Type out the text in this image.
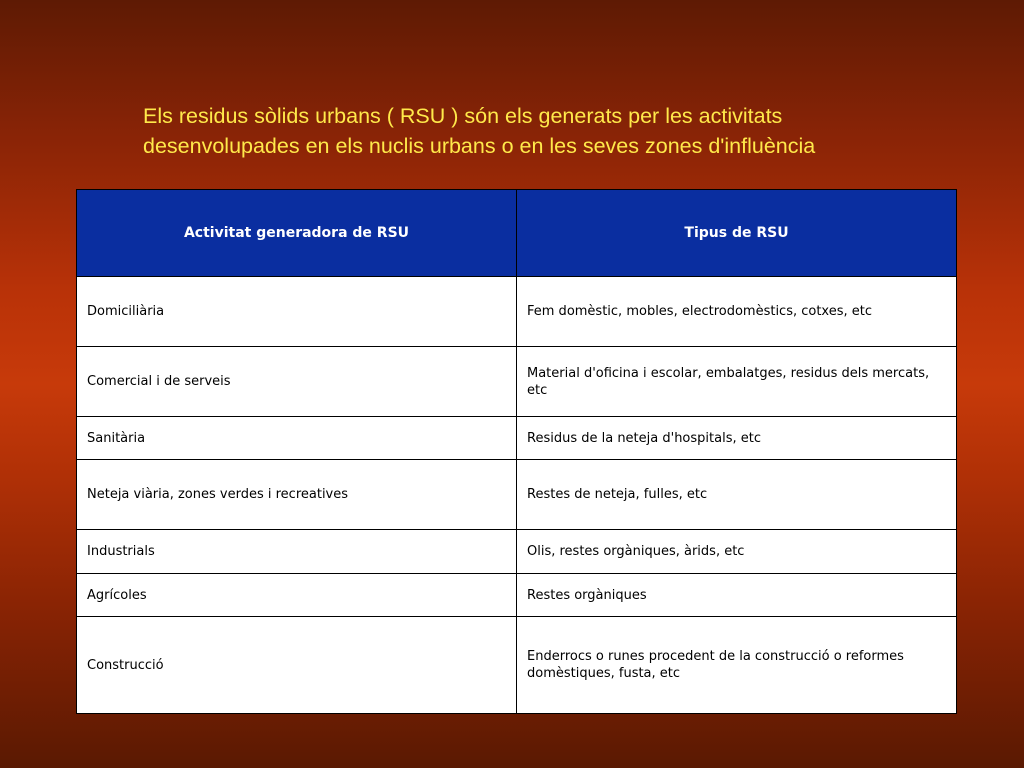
Els residus sòlids urbans ( RSU ) són els generats per les activitats
desenvolupades en els nuclis urbans o en les seves zones d'influència
Activitat generadora de RSU	Tipus de RSU
Domiciliària	Fem domèstic, mobles, electrodomèstics, cotxes, etc
Comercial i de serveis	Material d'oficina i escolar, embalatges, residus dels mercats, etc
Sanitària	Residus de la neteja d'hospitals, etc
Neteja viària, zones verdes i recreatives	Restes de neteja, fulles, etc
Industrials	Olis, restes orgàniques, àrids, etc
Agrícoles	Restes orgàniques
Construcció	Enderrocs o runes procedent de la construcció o reformes domèstiques, fusta, etc
